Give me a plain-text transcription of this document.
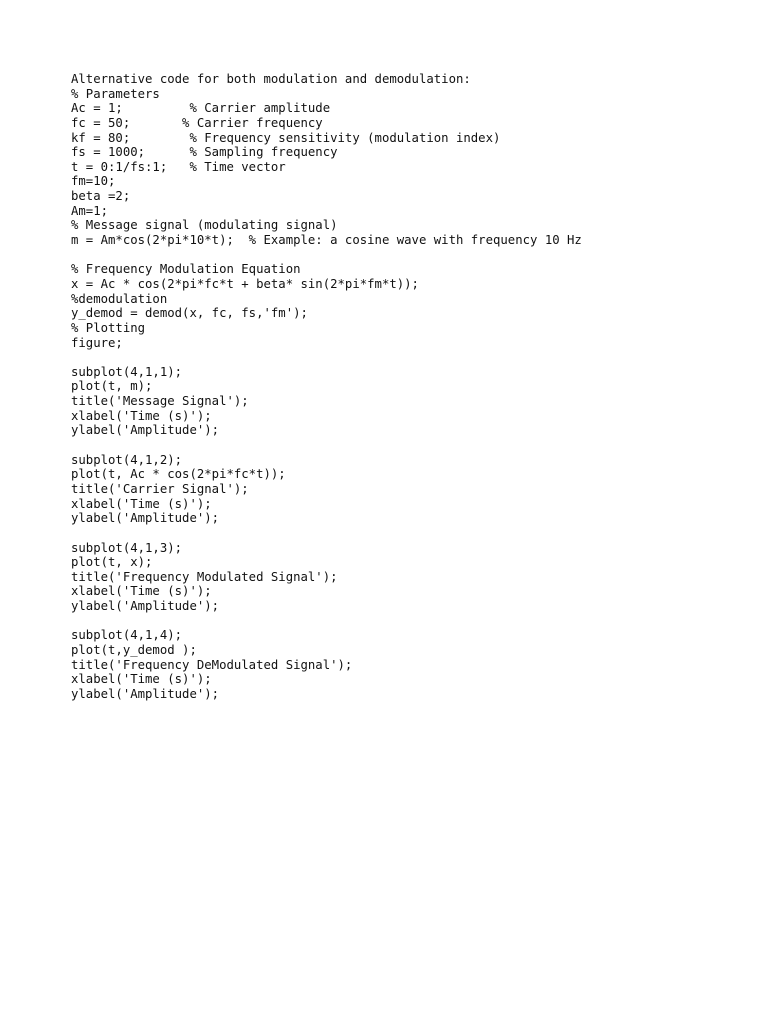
Alternative code for both modulation and demodulation:
% Parameters
Ac = 1;         % Carrier amplitude
fc = 50;       % Carrier frequency
kf = 80;        % Frequency sensitivity (modulation index)
fs = 1000;      % Sampling frequency
t = 0:1/fs:1;   % Time vector
fm=10;
beta =2;
Am=1;
% Message signal (modulating signal)
m = Am*cos(2*pi*10*t);  % Example: a cosine wave with frequency 10 Hz

% Frequency Modulation Equation
x = Ac * cos(2*pi*fc*t + beta* sin(2*pi*fm*t));
%demodulation
y_demod = demod(x, fc, fs,'fm');
% Plotting
figure;

subplot(4,1,1);
plot(t, m);
title('Message Signal');
xlabel('Time (s)');
ylabel('Amplitude');

subplot(4,1,2);
plot(t, Ac * cos(2*pi*fc*t));
title('Carrier Signal');
xlabel('Time (s)');
ylabel('Amplitude');

subplot(4,1,3);
plot(t, x);
title('Frequency Modulated Signal');
xlabel('Time (s)');
ylabel('Amplitude');

subplot(4,1,4);
plot(t,y_demod );
title('Frequency DeModulated Signal');
xlabel('Time (s)');
ylabel('Amplitude');
